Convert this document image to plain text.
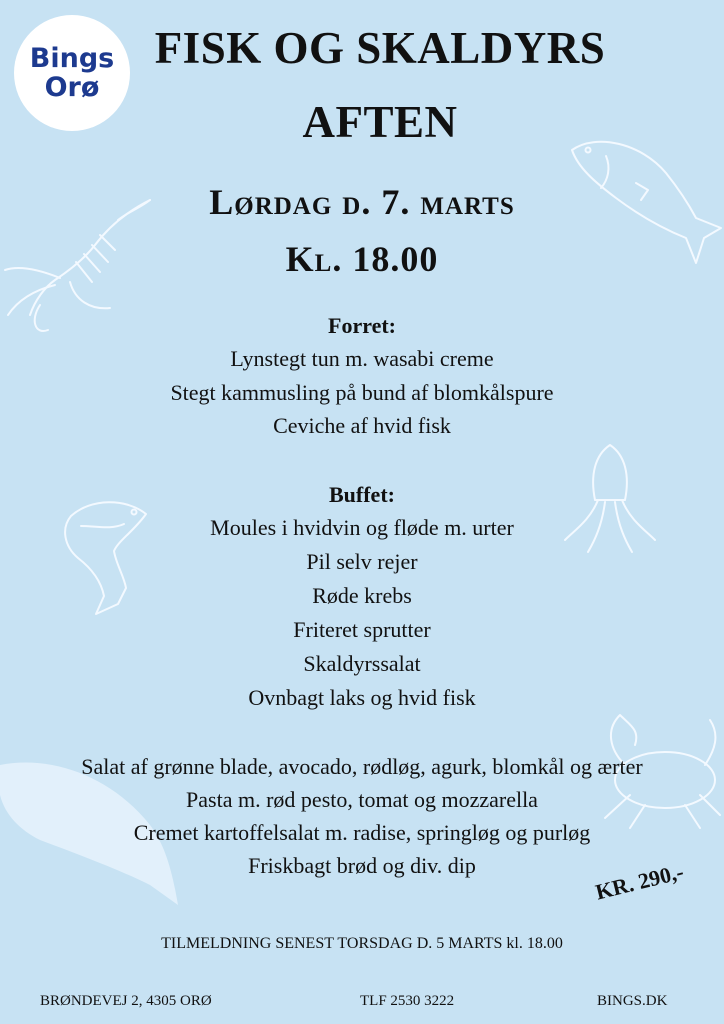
Bings
Orø
FISK OG SKALDYRS
AFTEN
Lørdag d. 7. marts
Kl. 18.00
Forret:
Lynstegt tun m. wasabi creme
Stegt kammusling på bund af blomkålspure
Ceviche af hvid fisk
Buffet:
Moules i hvidvin og fløde m. urter
Pil selv rejer
Røde krebs
Friteret sprutter
Skaldyrssalat
Ovnbagt laks og hvid fisk
Salat af grønne blade, avocado, rødløg, agurk, blomkål og ærter
Pasta m. rød pesto, tomat og mozzarella
Cremet kartoffelsalat m. radise, springløg og purløg
Friskbagt brød og div. dip	KR. 290,-
TILMELDNING SENEST TORSDAG D. 5 MARTS kl. 18.00
BRØNDEVEJ 2, 4305 ORØ	TLF 2530 3222	BINGS.DK
